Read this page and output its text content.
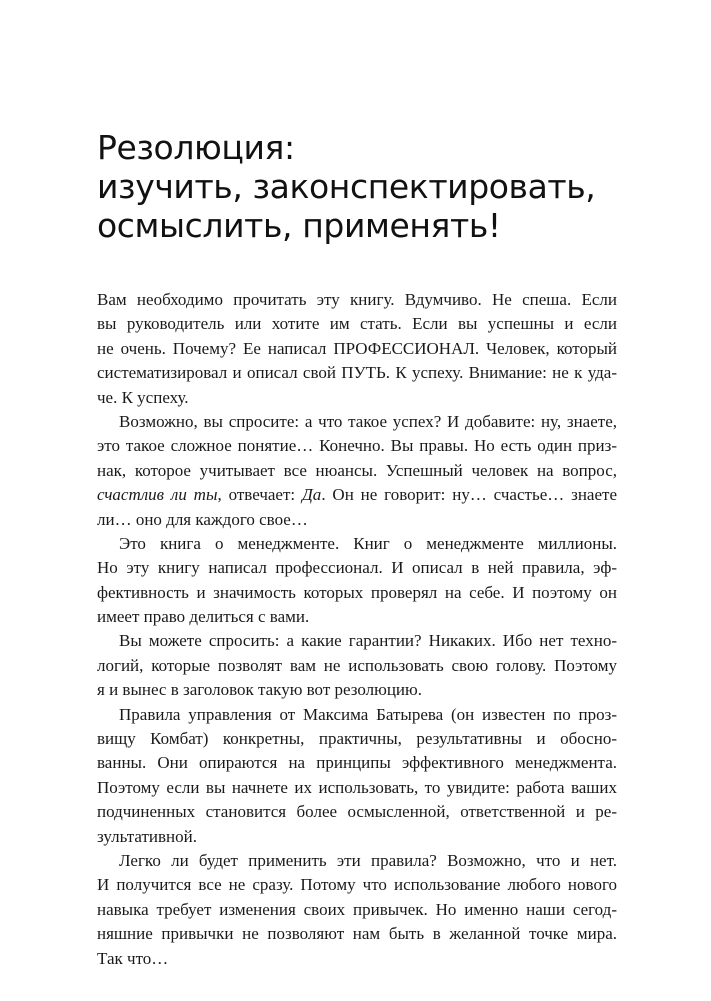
Резолюция:
изучить, законспектировать,
осмыслить, применять!
Вам необходимо прочитать эту книгу. Вдумчиво. Не спеша. Если
вы руководитель или хотите им стать. Если вы успешны и если
не очень. Почему? Ее написал ПРОФЕССИОНАЛ. Человек, который
систематизировал и описал свой ПУТЬ. К успеху. Внимание: не к уда-
че. К успеху.
Возможно, вы спросите: а что такое успех? И добавите: ну, знаете,
это такое сложное понятие… Конечно. Вы правы. Но есть один приз-
нак, которое учитывает все нюансы. Успешный человек на вопрос,
счастлив ли ты, отвечает: Да. Он не говорит: ну… счастье… знаете
ли… оно для каждого свое…
Это книга о менеджменте. Книг о менеджменте миллионы.
Но эту книгу написал профессионал. И описал в ней правила, эф-
фективность и значимость которых проверял на себе. И поэтому он
имеет право делиться с вами.
Вы можете спросить: а какие гарантии? Никаких. Ибо нет техно-
логий, которые позволят вам не использовать свою голову. Поэтому
я и вынес в заголовок такую вот резолюцию.
Правила управления от Максима Батырева (он известен по проз-
вищу Комбат) конкретны, практичны, результативны и обосно-
ванны. Они опираются на принципы эффективного менеджмента.
Поэтому если вы начнете их использовать, то увидите: работа ваших
подчиненных становится более осмысленной, ответственной и ре-
зультативной.
Легко ли будет применить эти правила? Возможно, что и нет.
И получится все не сразу. Потому что использование любого нового
навыка требует изменения своих привычек. Но именно наши сегод-
няшние привычки не позволяют нам быть в желанной точке мира.
Так что…
